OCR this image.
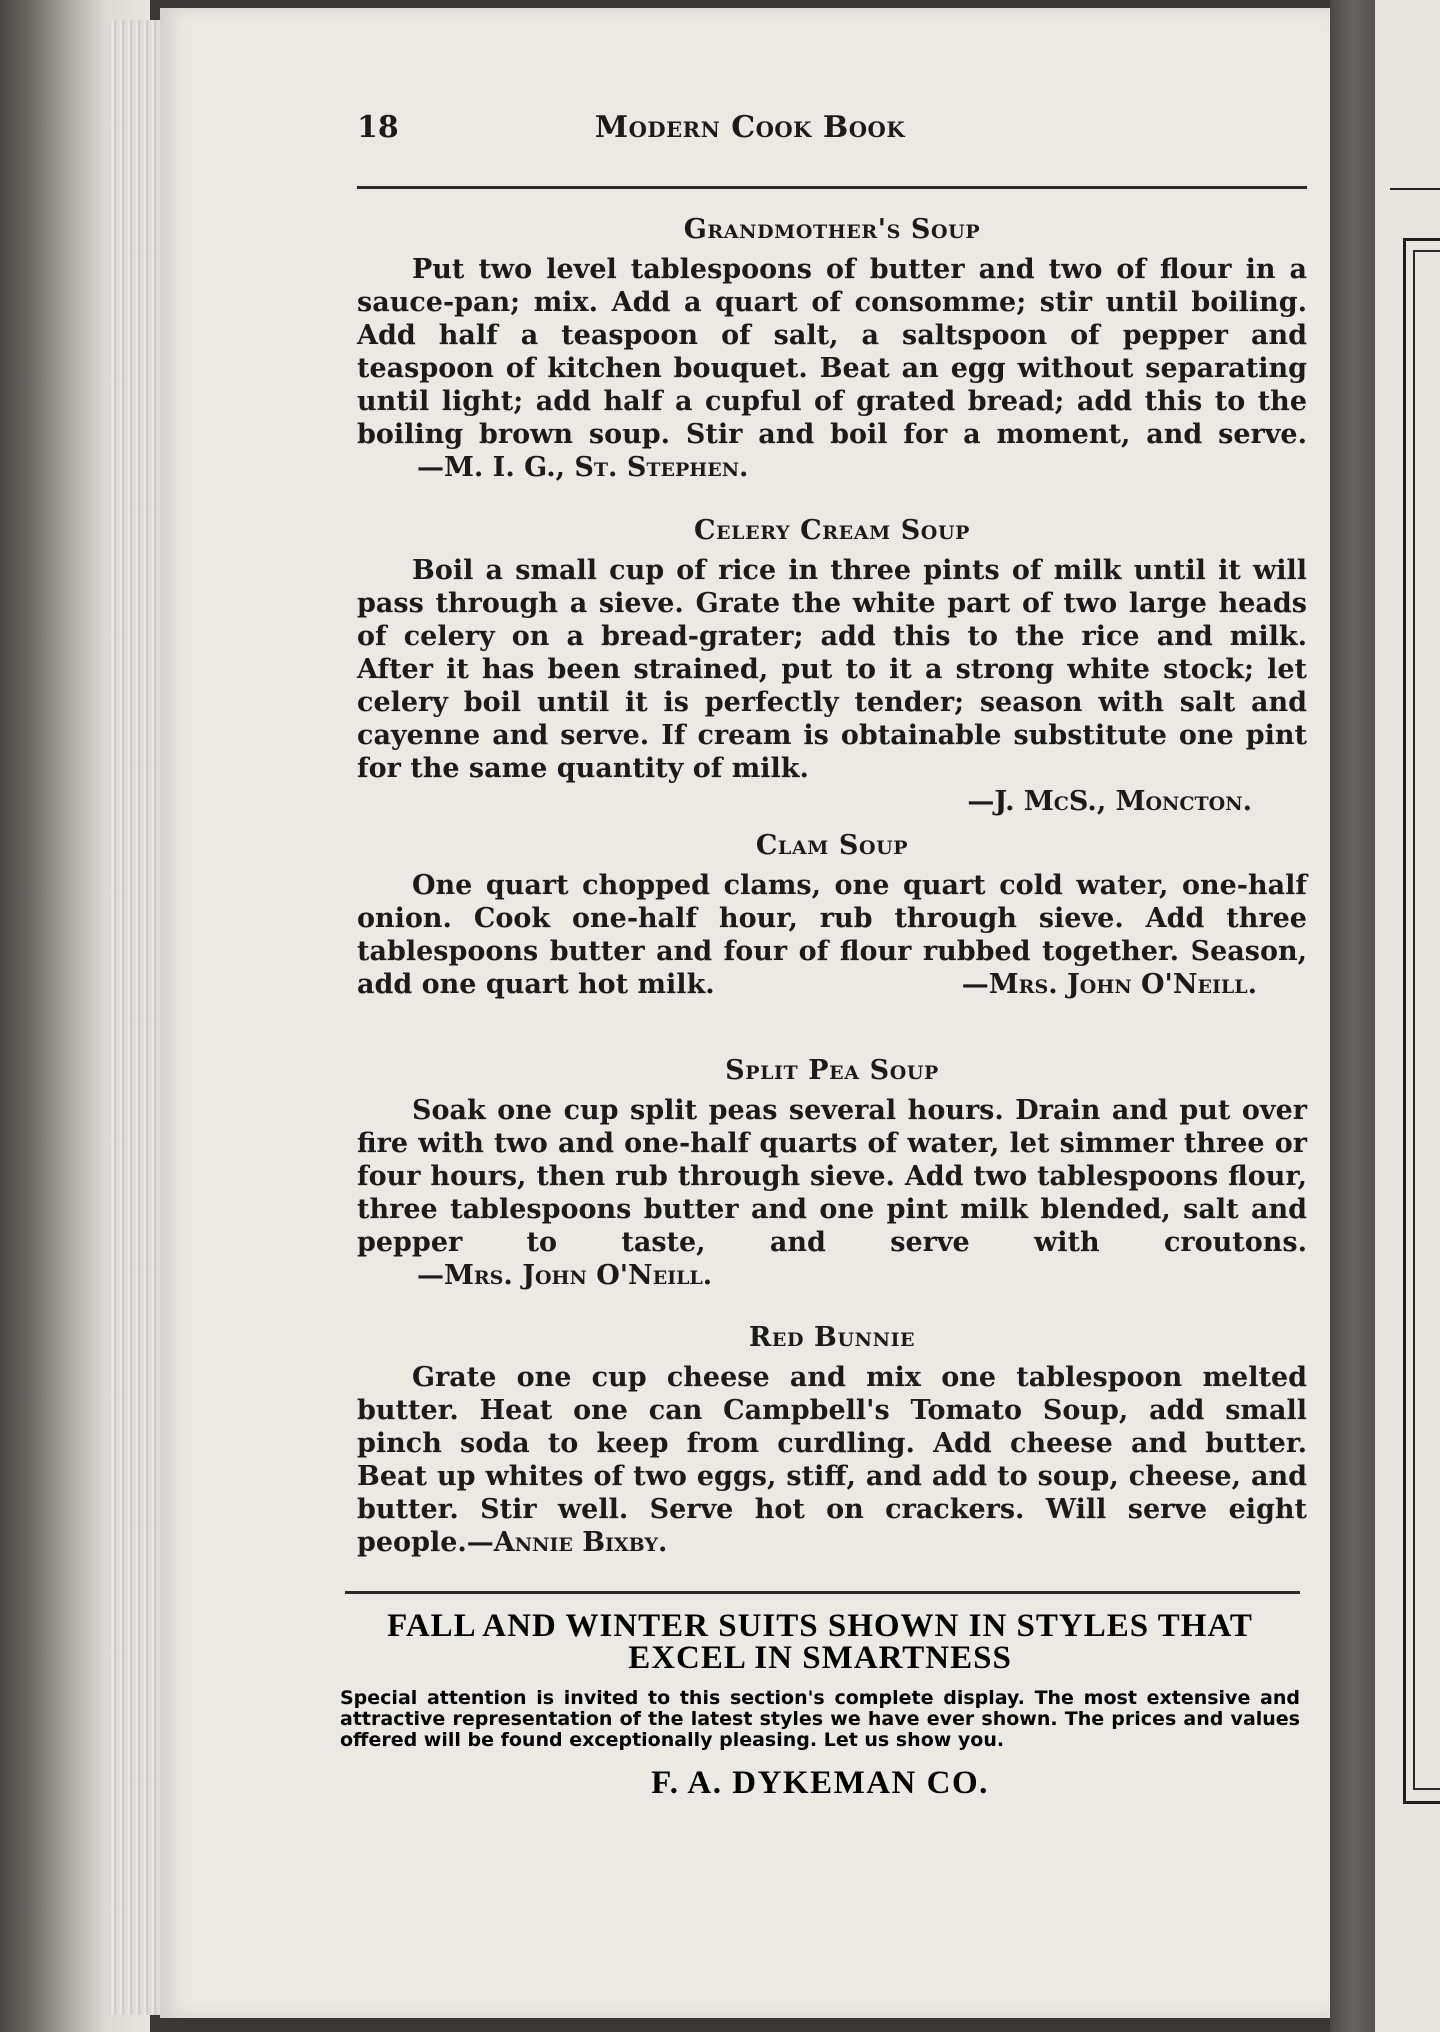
18	Modern Cook Book
Grandmother's Soup

Put two level tablespoons of butter and two of flour in a sauce-pan; mix. Add a quart of consomme; stir until boiling. Add half a teaspoon of salt, a saltspoon of pepper and teaspoon of kitchen bouquet. Beat an egg without separating until light; add half a cupful of grated bread; add this to the boiling brown soup. Stir and boil for a moment, and serve. —M. I. G., St. Stephen.

Celery Cream Soup

Boil a small cup of rice in three pints of milk until it will pass through a sieve. Grate the white part of two large heads of celery on a bread-grater; add this to the rice and milk. After it has been strained, put to it a strong white stock; let celery boil until it is perfectly tender; season with salt and cayenne and serve. If cream is obtainable substitute one pint for the same quantity of milk.
—J. McS., Moncton.

Clam Soup

One quart chopped clams, one quart cold water, one-half onion. Cook one-half hour, rub through sieve. Add three tablespoons butter and four of flour rubbed together. Season, add one quart hot milk.	—Mrs. John O'Neill.

Split Pea Soup

Soak one cup split peas several hours. Drain and put over fire with two and one-half quarts of water, let simmer three or four hours, then rub through sieve. Add two tablespoons flour, three tablespoons butter and one pint milk blended, salt and pepper to taste, and serve with croutons. —Mrs. John O'Neill.

Red Bunnie

Grate one cup cheese and mix one tablespoon melted butter. Heat one can Campbell's Tomato Soup, add small pinch soda to keep from curdling. Add cheese and butter. Beat up whites of two eggs, stiff, and add to soup, cheese, and butter. Stir well. Serve hot on crackers. Will serve eight people.—Annie Bixby.

FALL AND WINTER SUITS SHOWN IN STYLES THAT EXCEL IN SMARTNESS

Special attention is invited to this section's complete display. The most extensive and attractive representation of the latest styles we have ever shown. The prices and values offered will be found exceptionally pleasing. Let us show you.

F. A. DYKEMAN CO.
